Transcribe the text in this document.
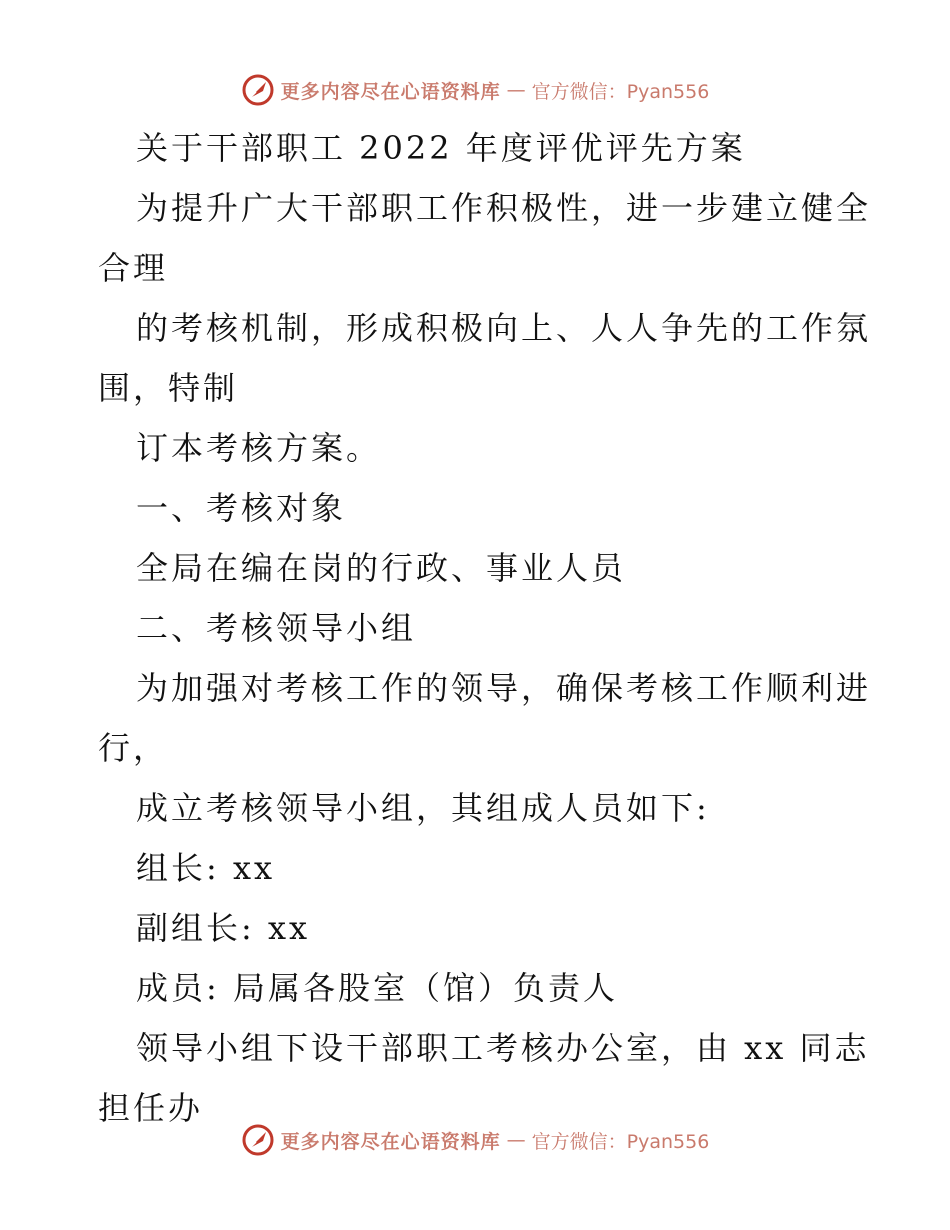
更多内容尽在心语资料库 — 官方微信：Pyan556
关于干部职工 2022 年度评优评先方案
为提升广大干部职工作积极性，进一步建立健全
合理
的考核机制，形成积极向上、人人争先的工作氛
围，特制
订本考核方案。
一、考核对象
全局在编在岗的行政、事业人员
二、考核领导小组
为加强对考核工作的领导，确保考核工作顺利进
行，
成立考核领导小组，其组成人员如下:
组长: xx
副组长: xx
成员: 局属各股室（馆）负责人
领导小组下设干部职工考核办公室，由 xx 同志
担任办
更多内容尽在心语资料库 — 官方微信：Pyan556
